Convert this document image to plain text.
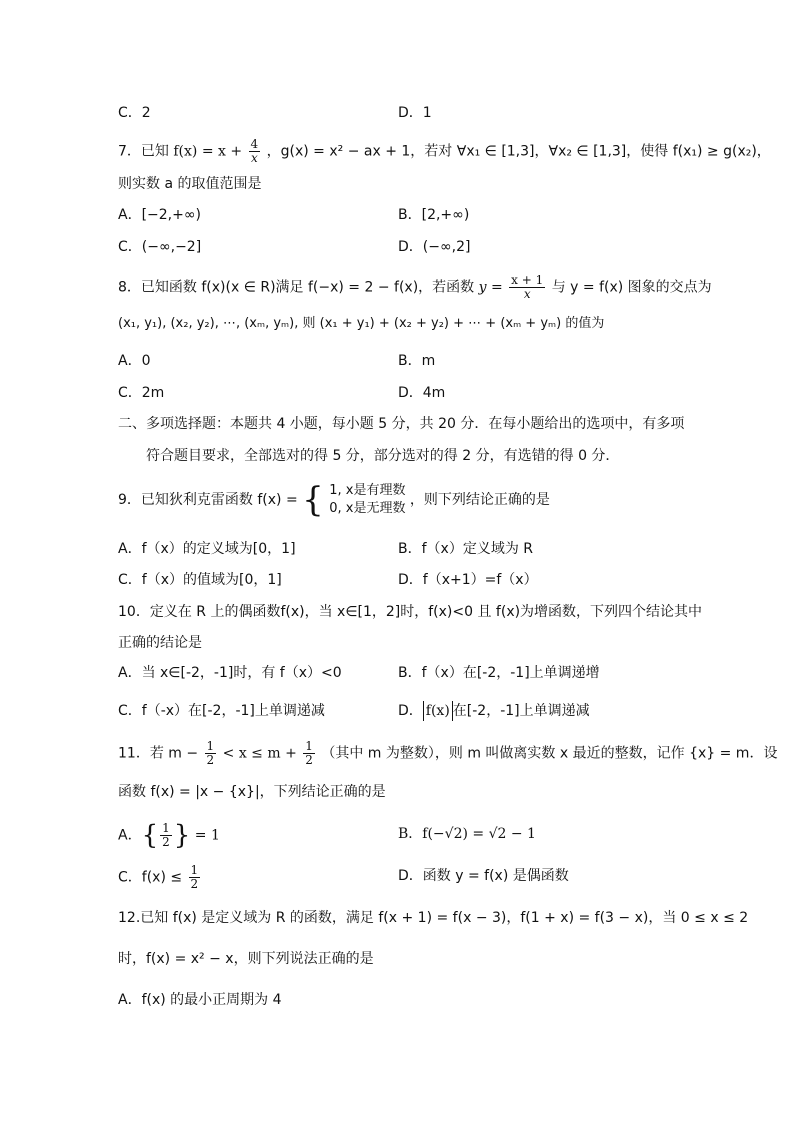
C．2	D．1
7．已知 $f(x) = x + \frac{4}{x}$ ，g(x) = x² − ax + 1，若对 ∀x₁ ∈ [1,3]，∀x₂ ∈ [1,3]，使得 f(x₁) ≥ g(x₂)，
则实数 a 的取值范围是
A．[−2,+∞)	B．[2,+∞)
C．(−∞,−2]	D．(−∞,2]
8．已知函数 f(x)(x ∈ R)满足 f(−x) = 2 − f(x)，若函数 $y = \frac{x + 1}{x}$ 与 y = f(x) 图象的交点为
(x₁, y₁), (x₂, y₂), ⋯, (xₘ, yₘ), 则 (x₁ + y₁) + (x₂ + y₂) + ⋯ + (xₘ + yₘ) 的值为
A．0	B．m
C．2m	D．4m
二、多项选择题：本题共 4 小题，每小题 5 分，共 20 分．在每小题给出的选项中，有多项
符合题目要求，全部选对的得 5 分，部分选对的得 2 分，有选错的得 0 分．
9．已知狄利克雷函数 f(x) = { 1, x是有理数
0, x是无理数
，则下列结论正确的是
A．f（x）的定义域为[0，1]	B．f（x）定义域为 R
C．f（x）的值域为[0，1]	D．f（x+1）=f（x）
10．定义在 R 上的偶函数f(x)，当 x∈[1，2]时，f(x)<0 且 f(x)为增函数，下列四个结论其中
正确的结论是
A．当 x∈[-2，-1]时，有 f（x）<0	B．f（x）在[-2，-1]上单调递增
C．f（-x）在[-2，-1]上单调递减	D． f(x) 在[-2，-1]上单调递减
11．若 $m - \frac{1}{2} < x \le m + \frac{1}{2}$ （其中 m 为整数），则 m 叫做离实数 x 最近的整数，记作 {x} = m．设
函数 f(x) = |x − {x}|，下列结论正确的是
A．{ $\frac{1}{2}$ } = 1	B．f(−√2) = √2 − 1
C．$f(x) \le \frac{1}{2}$	D．函数 y = f(x) 是偶函数
12.已知 f(x) 是定义域为 R 的函数，满足 f(x + 1) = f(x − 3)，f(1 + x) = f(3 − x)，当 0 ≤ x ≤ 2
时，f(x) = x² − x，则下列说法正确的是
A．f(x) 的最小正周期为 4
